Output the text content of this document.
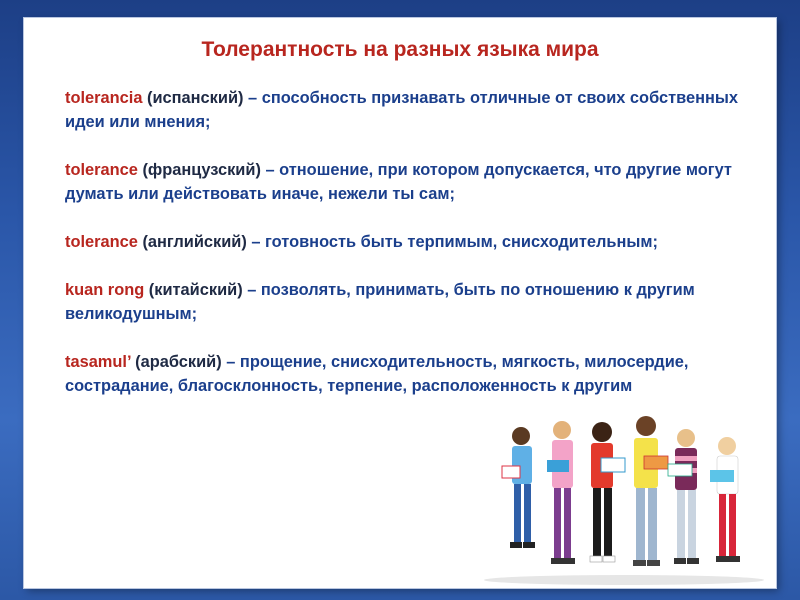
Толерантность на разных языка мира
tolerancia (испанский) – способность признавать отличные от своих собственных идеи или мнения;
tolerance (французский) – отношение, при котором допускается, что другие могут думать или действовать иначе, нежели ты сам;
tolerance (английский) – готовность быть терпимым, снисходительным;
kuan rong (китайский) – позволять, принимать, быть по отношению к другим великодушным;
tasamul’ (арабский) – прощение, снисходительность, мягкость, милосердие, сострадание, благосклонность, терпение, расположенность к другим
